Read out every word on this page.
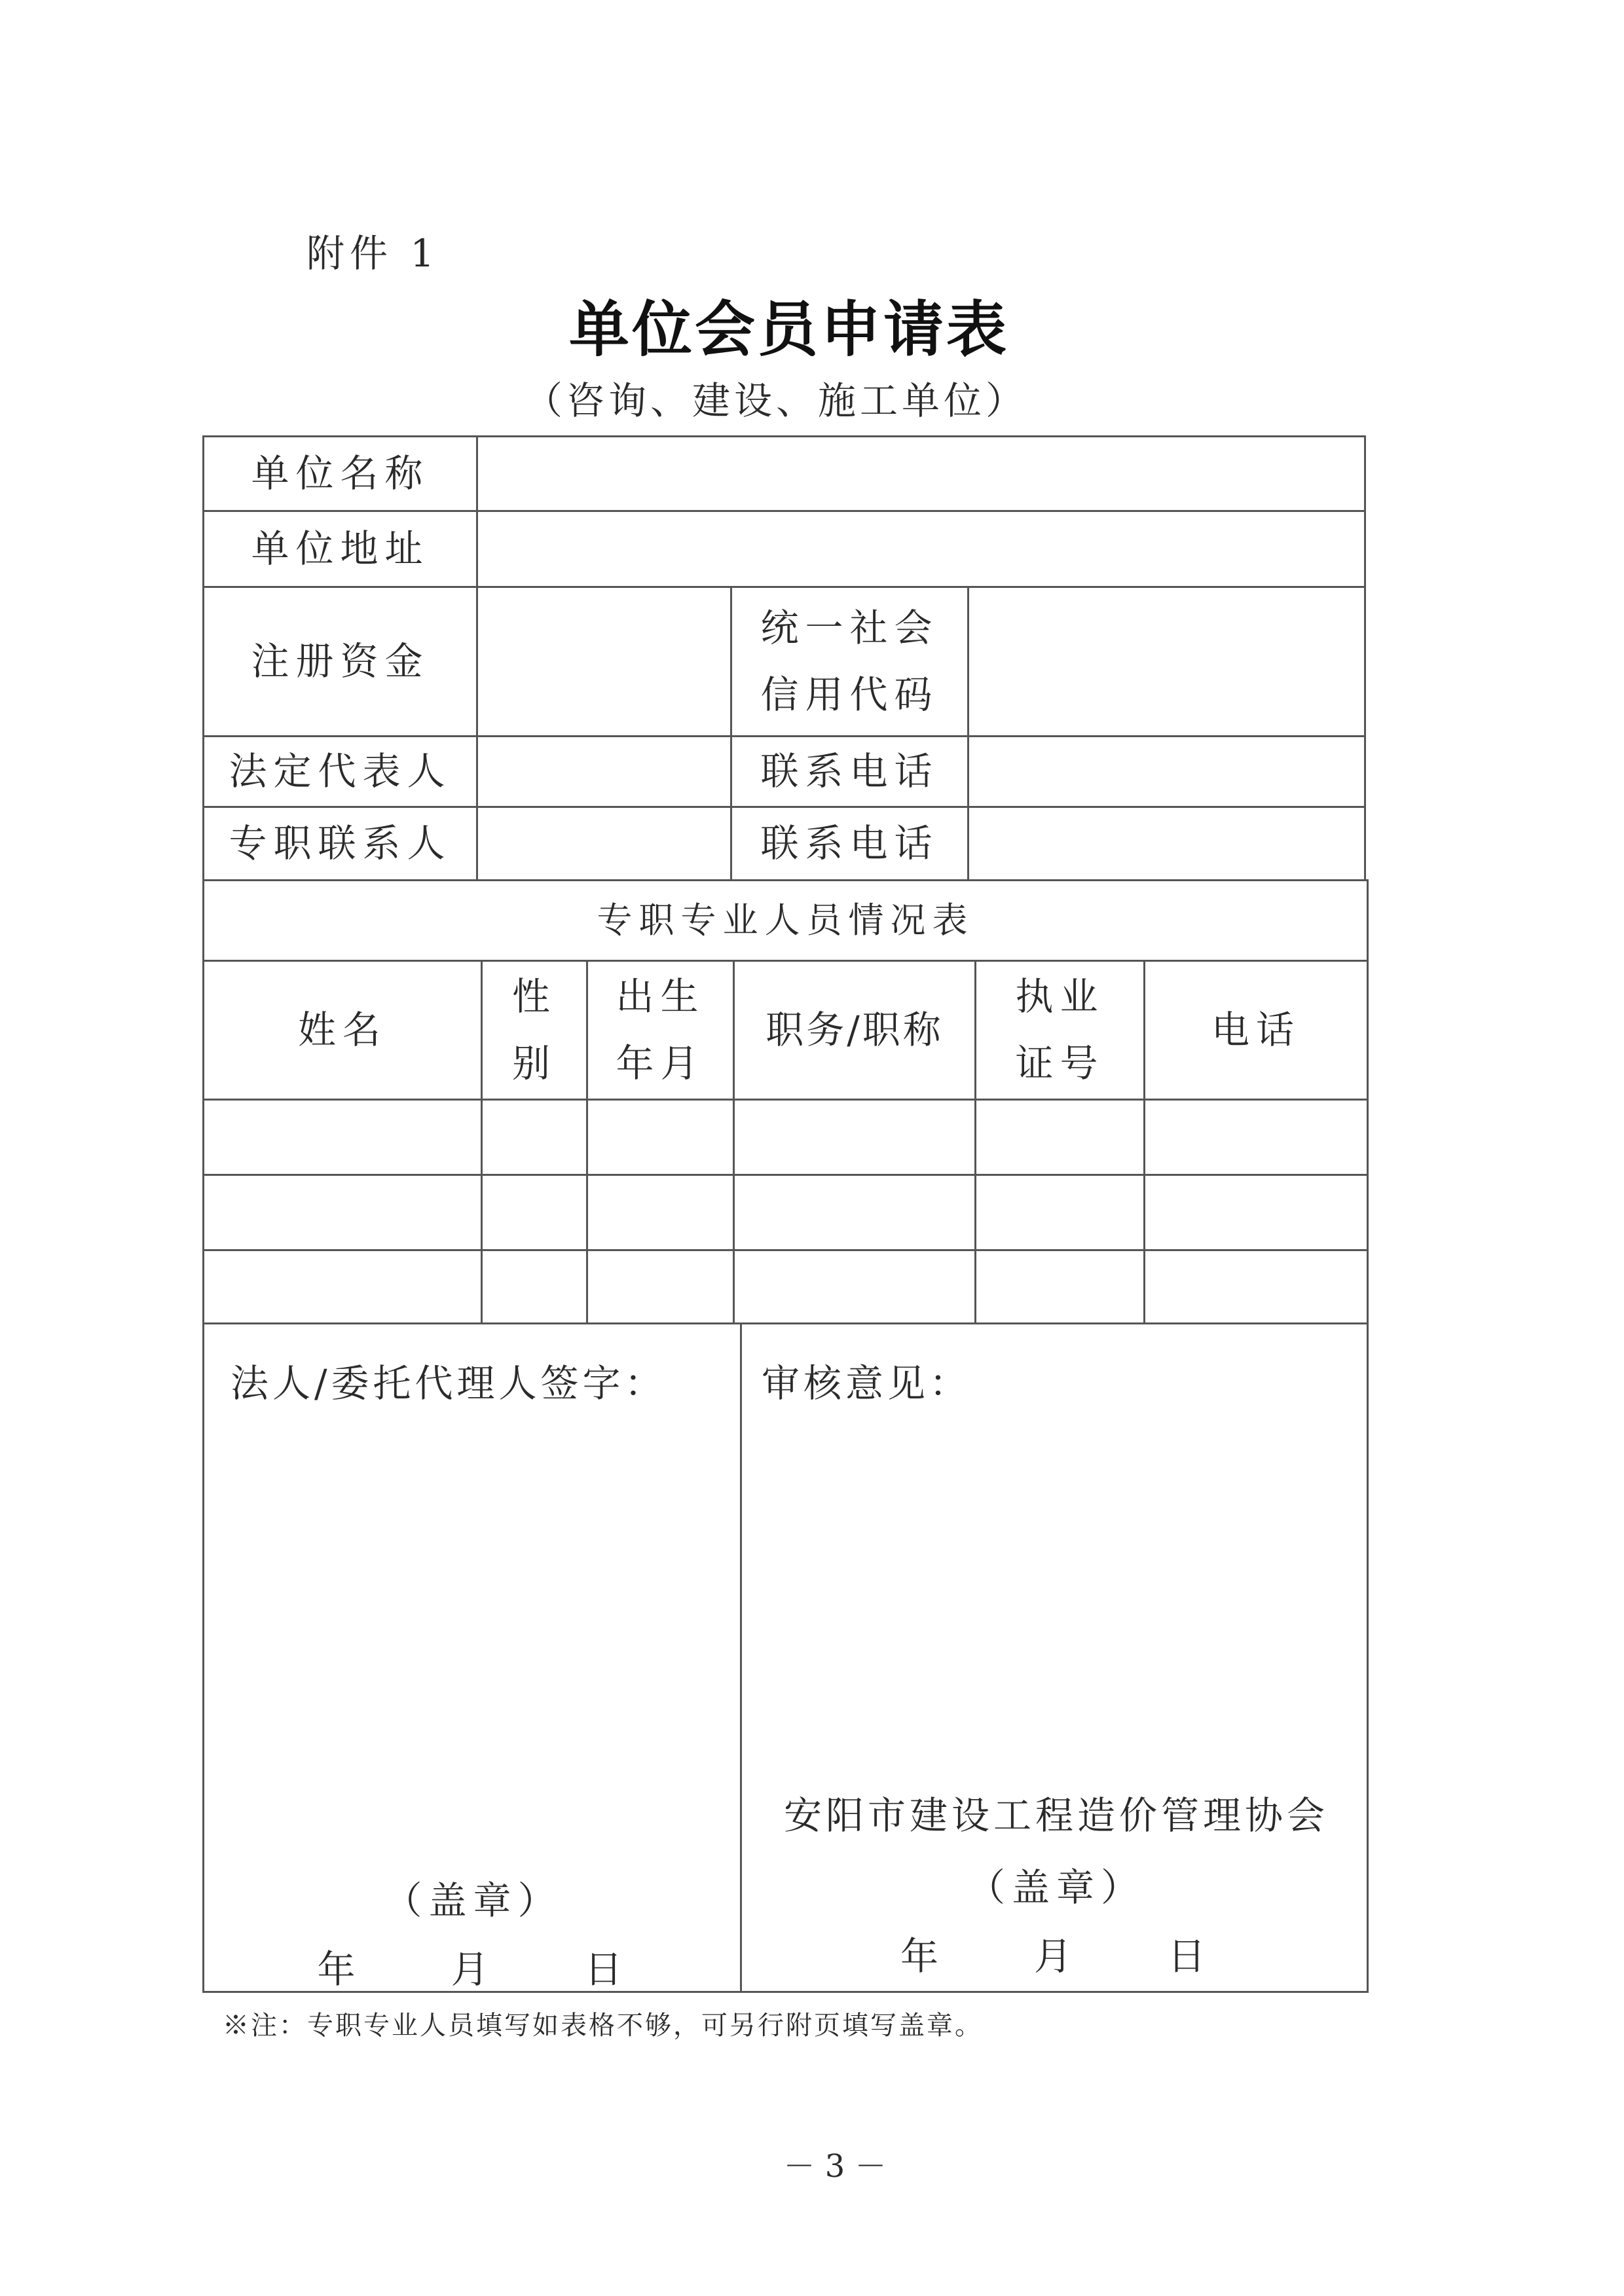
附件 1
单位会员申请表
（咨询、建设、施工单位）
单位名称
单位地址
注册资金
统一社会
信用代码
法定代表人	联系电话
专职联系人	联系电话
专职专业人员情况表
姓名
性
别
出生年月
职务/职称
执业证号
电话
法人/委托代理人签字：
（盖章）
年　　月　　日
审核意见：
安阳市建设工程造价管理协会
（盖章）
年　　月　　日
※注：专职专业人员填写如表格不够，可另行附页填写盖章。
－ 3 －
